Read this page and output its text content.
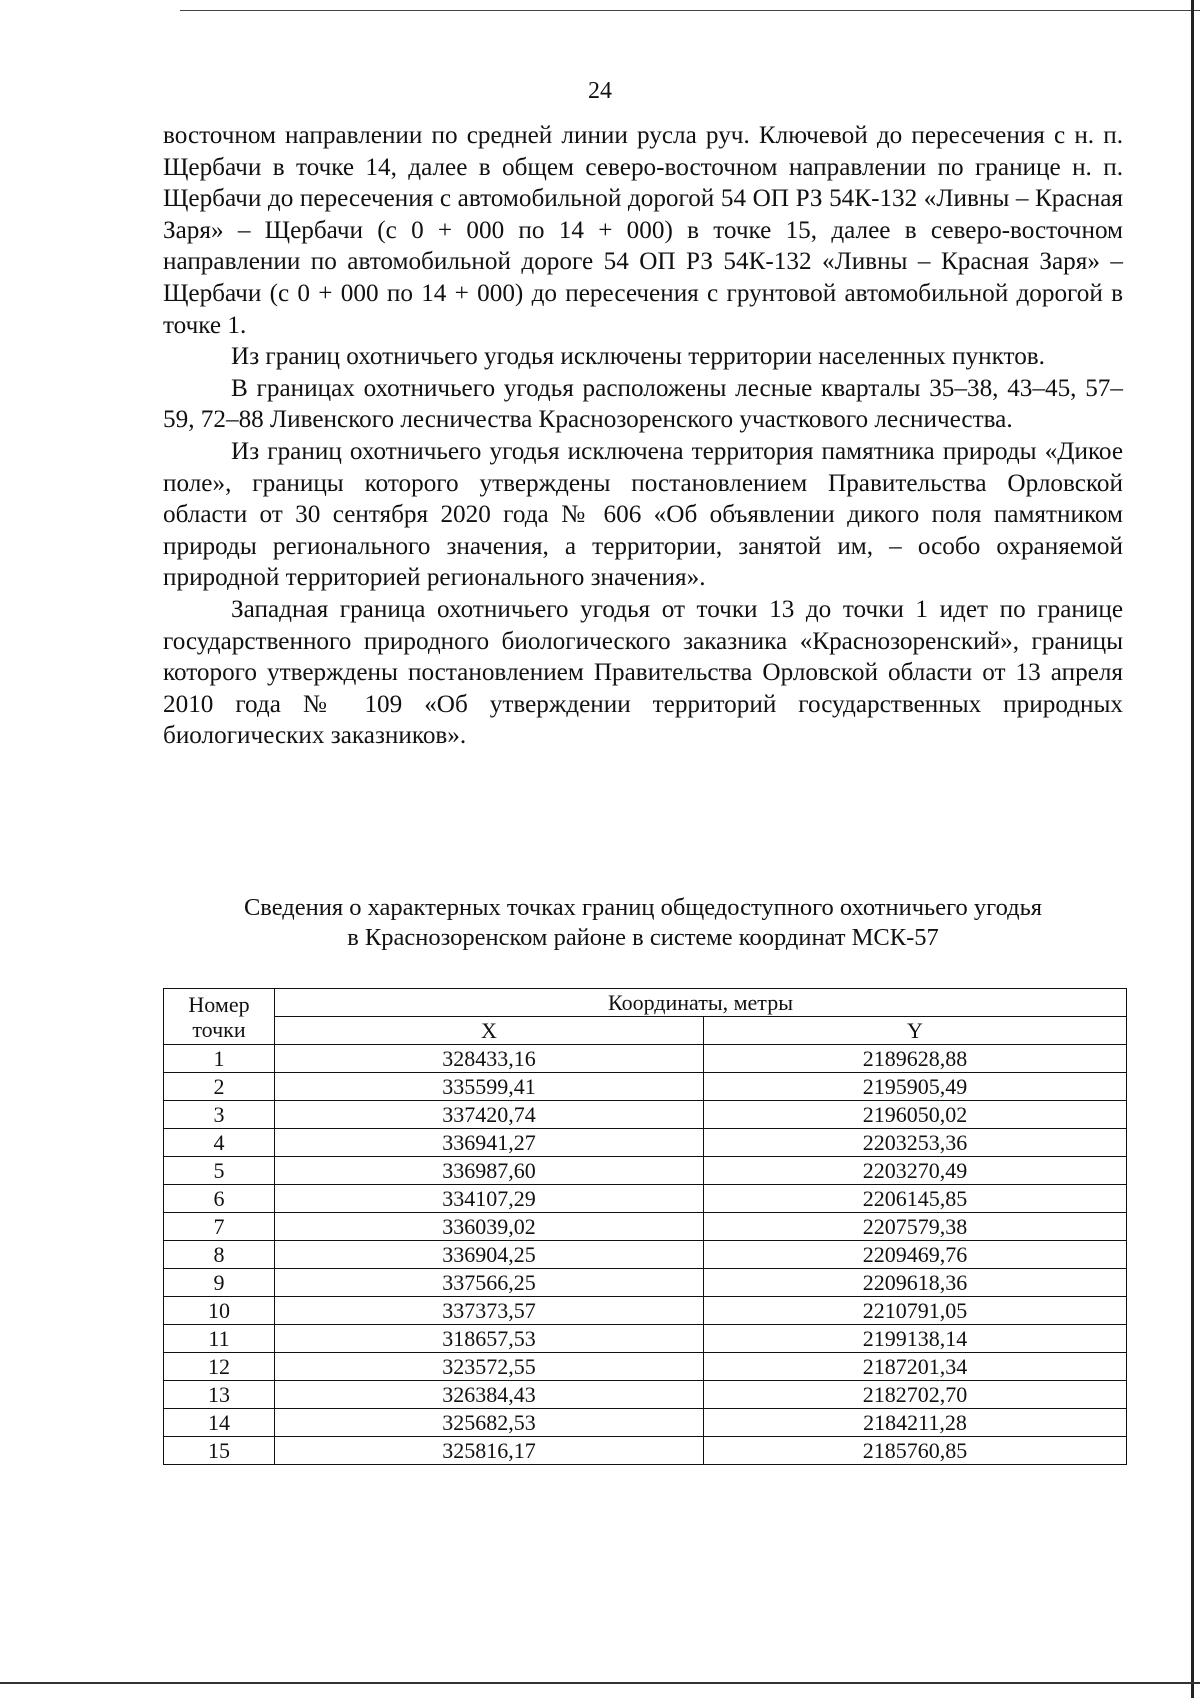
24

восточном направлении по средней линии русла руч. Ключевой до пересечения с н. п. Щербачи в точке 14, далее в общем северо-восточном направлении по границе н. п. Щербачи до пересечения с автомобильной дорогой 54 ОП РЗ 54К-132 «Ливны – Красная Заря» – Щербачи (с 0 + 000 по 14 + 000) в точке 15, далее в северо-восточном направлении по автомобильной дороге 54 ОП РЗ 54К-132 «Ливны – Красная Заря» – Щербачи (с 0 + 000 по 14 + 000) до пересечения с грунтовой автомобильной дорогой в точке 1.

Из границ охотничьего угодья исключены территории населенных пунктов.

В границах охотничьего угодья расположены лесные кварталы 35–38, 43–45, 57–59, 72–88 Ливенского лесничества Краснозоренского участкового лесничества.

Из границ охотничьего угодья исключена территория памятника природы «Дикое поле», границы которого утверждены постановлением Правительства Орловской области от 30 сентября 2020 года № 606 «Об объявлении дикого поля памятником природы регионального значения, а территории, занятой им, – особо охраняемой природной территорией регионального значения».

Западная граница охотничьего угодья от точки 13 до точки 1 идет по границе государственного природного биологического заказника «Краснозоренский», границы которого утверждены постановлением Правительства Орловской области от 13 апреля 2010 года № 109 «Об утверждении территорий государственных природных биологических заказников».

Сведения о характерных точках границ общедоступного охотничьего угодья
в Краснозоренском районе в системе координат МСК-57
Номер
точки	Координаты, метры	
	X	Y
1	328433,16	2189628,88
2	335599,41	2195905,49
3	337420,74	2196050,02
4	336941,27	2203253,36
5	336987,60	2203270,49
6	334107,29	2206145,85
7	336039,02	2207579,38
8	336904,25	2209469,76
9	337566,25	2209618,36
10	337373,57	2210791,05
11	318657,53	2199138,14
12	323572,55	2187201,34
13	326384,43	2182702,70
14	325682,53	2184211,28
15	325816,17	2185760,85
